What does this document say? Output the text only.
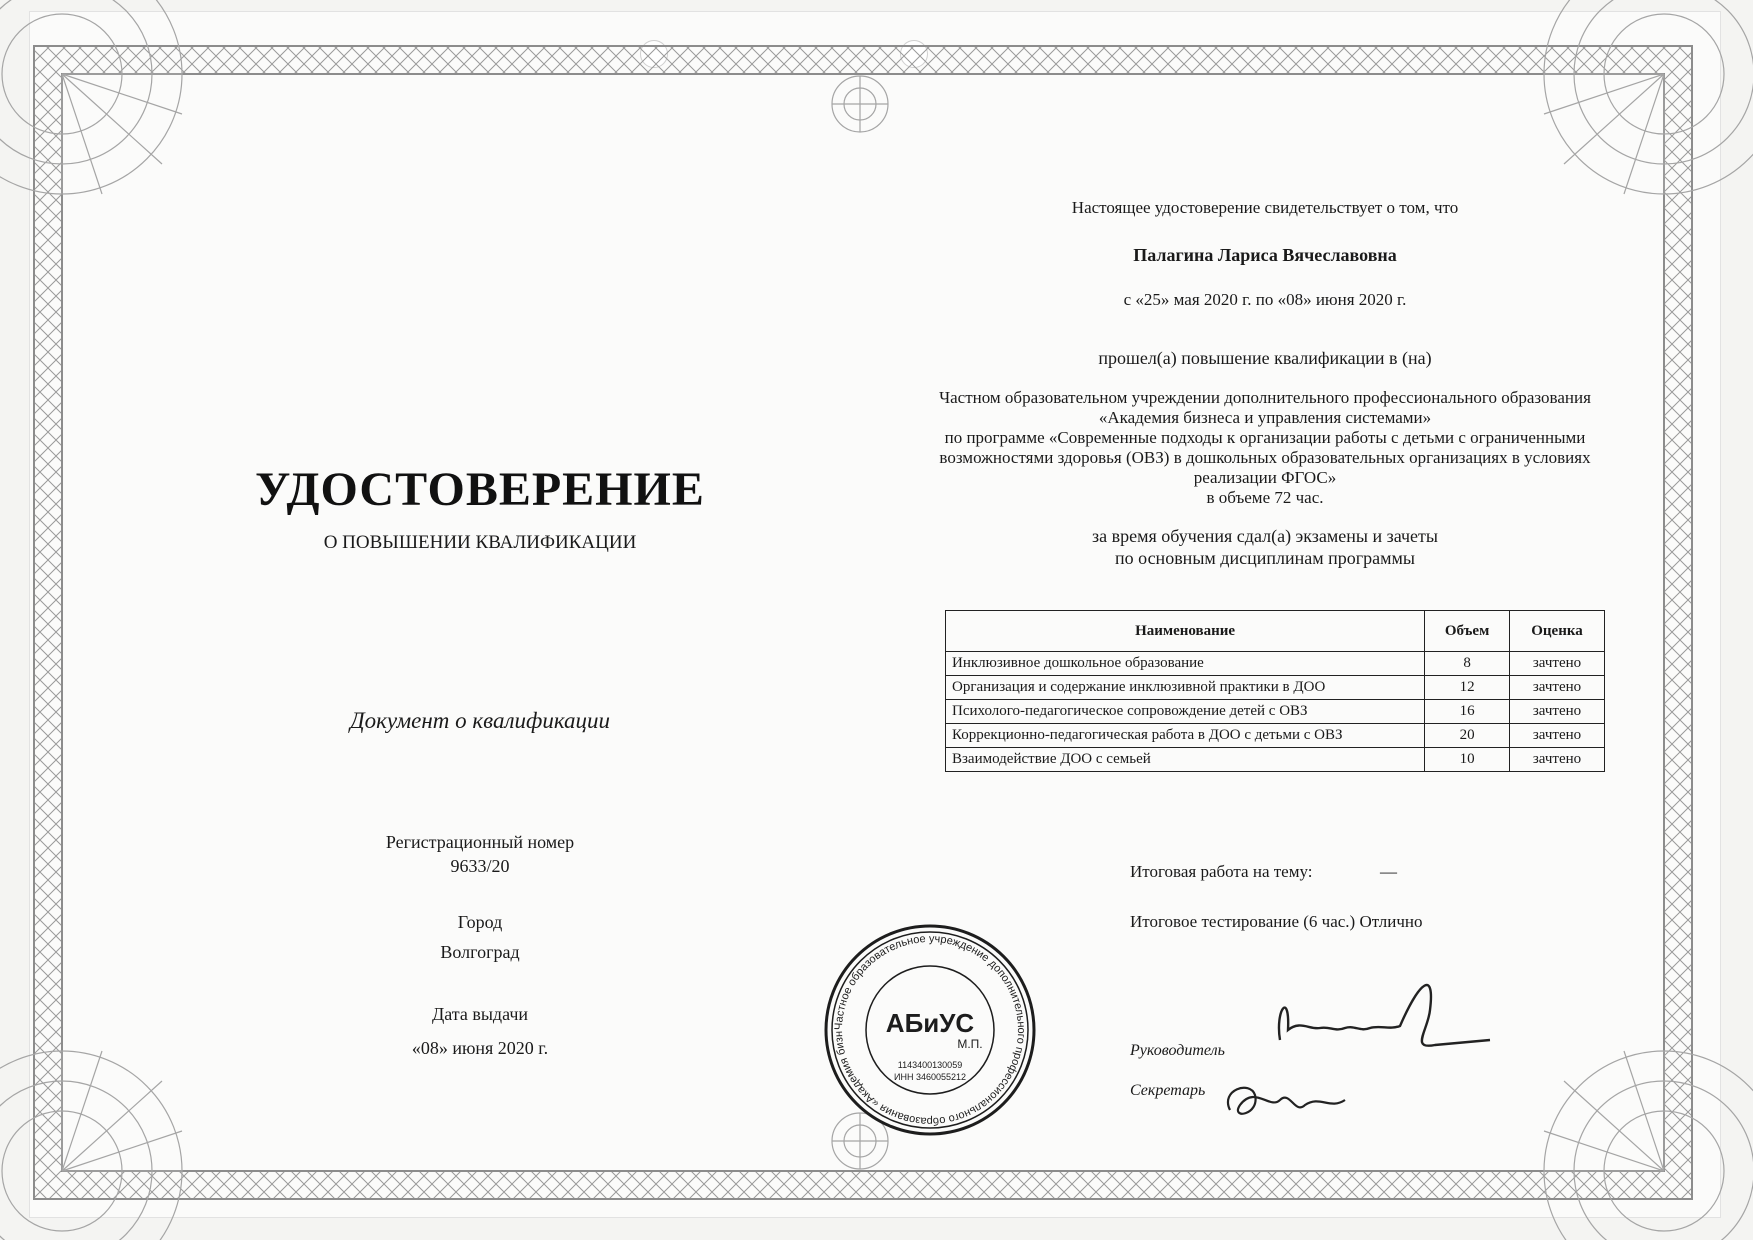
УДОСТОВЕРЕНИЕ
О ПОВЫШЕНИИ КВАЛИФИКАЦИИ
Документ о квалификации
Регистрационный номер
9633/20
Город
Волгоград
Дата выдачи
«08» июня 2020 г.
Настоящее удостоверение свидетельствует о том, что
Палагина Лариса Вячеславовна
с «25» мая 2020 г. по «08» июня 2020 г.
прошел(а) повышение квалификации в (на)
Частном образовательном учреждении дополнительного профессионального образования
«Академия бизнеса и управления системами»
по программе «Современные подходы к организации работы с детьми с ограниченными
возможностями здоровья (ОВЗ) в дошкольных образовательных организациях в условиях
реализации ФГОС»
в объеме 72 час.
за время обучения сдал(а) экзамены и зачеты
по основным дисциплинам программы
Наименование	Объем	Оценка
Инклюзивное дошкольное образование	8	зачтено
Организация и содержание инклюзивной практики в ДОО	12	зачтено
Психолого-педагогическое сопровождение детей с ОВЗ	16	зачтено
Коррекционно-педагогическая работа в ДОО с детьми с ОВЗ	20	зачтено
Взаимодействие ДОО с семьей	10	зачтено
Итоговая работа на тему:	—
Итоговое тестирование (6 час.) Отлично
Руководитель
Секретарь
Частное образовательное учреждение дополнительного профессионального образования «Академия бизн	АБиУС
М.П.
1143400130059
ИНН 3460055212
